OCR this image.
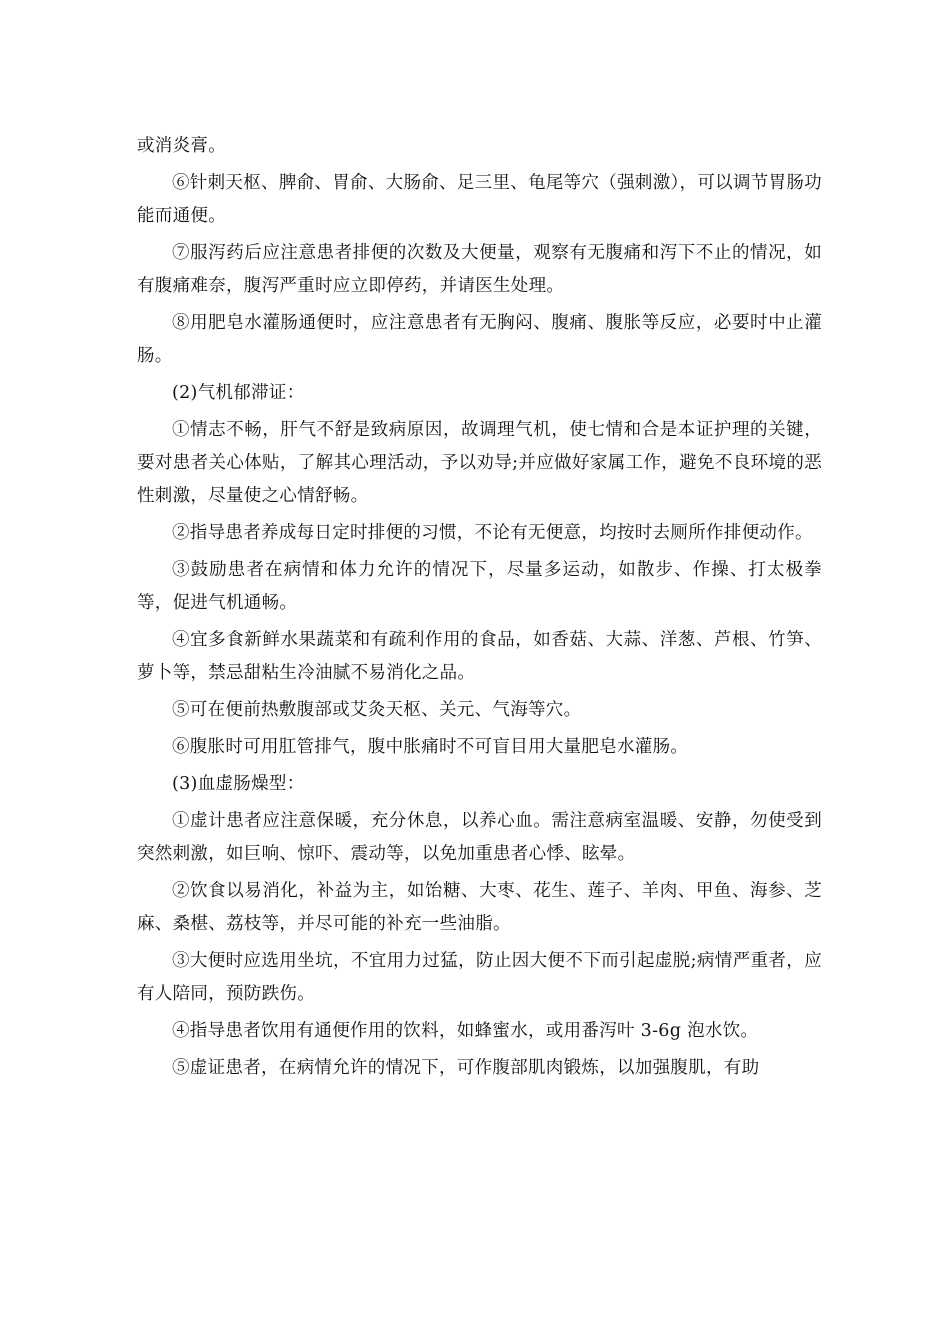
或消炎膏。

⑥针刺天枢、脾俞、胃俞、大肠俞、足三里、龟尾等穴（强刺激），可以调节胃肠功能而通便。

⑦服泻药后应注意患者排便的次数及大便量，观察有无腹痛和泻下不止的情况，如有腹痛难奈，腹泻严重时应立即停药，并请医生处理。

⑧用肥皂水灌肠通便时，应注意患者有无胸闷、腹痛、腹胀等反应，必要时中止灌肠。

(2)气机郁滞证：

①情志不畅，肝气不舒是致病原因，故调理气机，使七情和合是本证护理的关键，要对患者关心体贴，了解其心理活动，予以劝导;并应做好家属工作，避免不良环境的恶性刺激，尽量使之心情舒畅。

②指导患者养成每日定时排便的习惯，不论有无便意，均按时去厕所作排便动作。

③鼓励患者在病情和体力允许的情况下，尽量多运动，如散步、作操、打太极拳等，促进气机通畅。

④宜多食新鲜水果蔬菜和有疏利作用的食品，如香菇、大蒜、洋葱、芦根、竹笋、萝卜等，禁忌甜粘生冷油腻不易消化之品。

⑤可在便前热敷腹部或艾灸天枢、关元、气海等穴。

⑥腹胀时可用肛管排气，腹中胀痛时不可盲目用大量肥皂水灌肠。

(3)血虚肠燥型：

①虚计患者应注意保暖，充分休息，以养心血。需注意病室温暖、安静，勿使受到突然刺激，如巨响、惊吓、震动等，以免加重患者心悸、眩晕。

②饮食以易消化，补益为主，如饴糖、大枣、花生、莲子、羊肉、甲鱼、海参、芝麻、桑椹、荔枝等，并尽可能的补充一些油脂。

③大便时应选用坐坑，不宜用力过猛，防止因大便不下而引起虚脱;病情严重者，应有人陪同，预防跌伤。

④指导患者饮用有通便作用的饮料，如蜂蜜水，或用番泻叶 3-6g 泡水饮。

⑤虚证患者，在病情允许的情况下，可作腹部肌肉锻炼，以加强腹肌，有助
